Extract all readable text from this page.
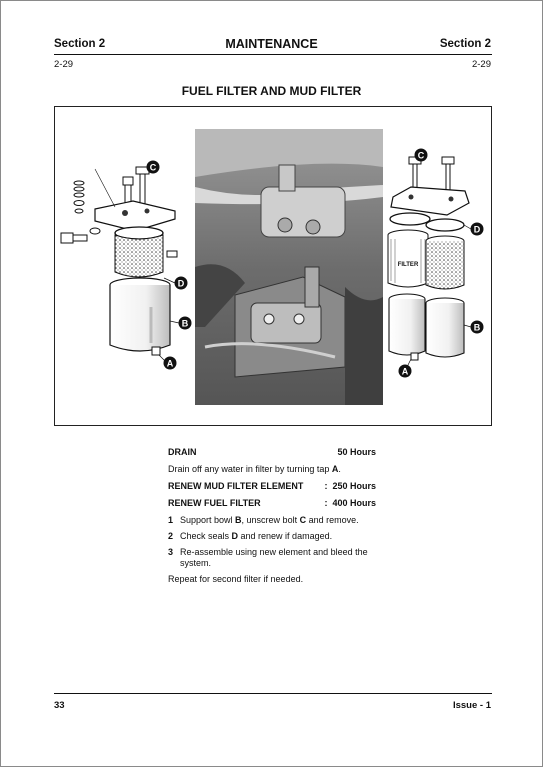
Section 2	MAINTENANCE	Section 2
2-29	2-29
FUEL FILTER AND MUD FILTER
C
D
B
A
FILTER
C
D
B
A
DRAIN	50 Hours
Drain off any water in filter by turning tap A.
RENEW MUD FILTER ELEMENT : 250 Hours
RENEW FUEL FILTER	: 400 Hours
1 Support bowl B, unscrew bolt C and remove.
2 Check seals D and renew if damaged.
3 Re-assemble using new element and bleed the system.
Repeat for second filter if needed.
33	Issue - 1
